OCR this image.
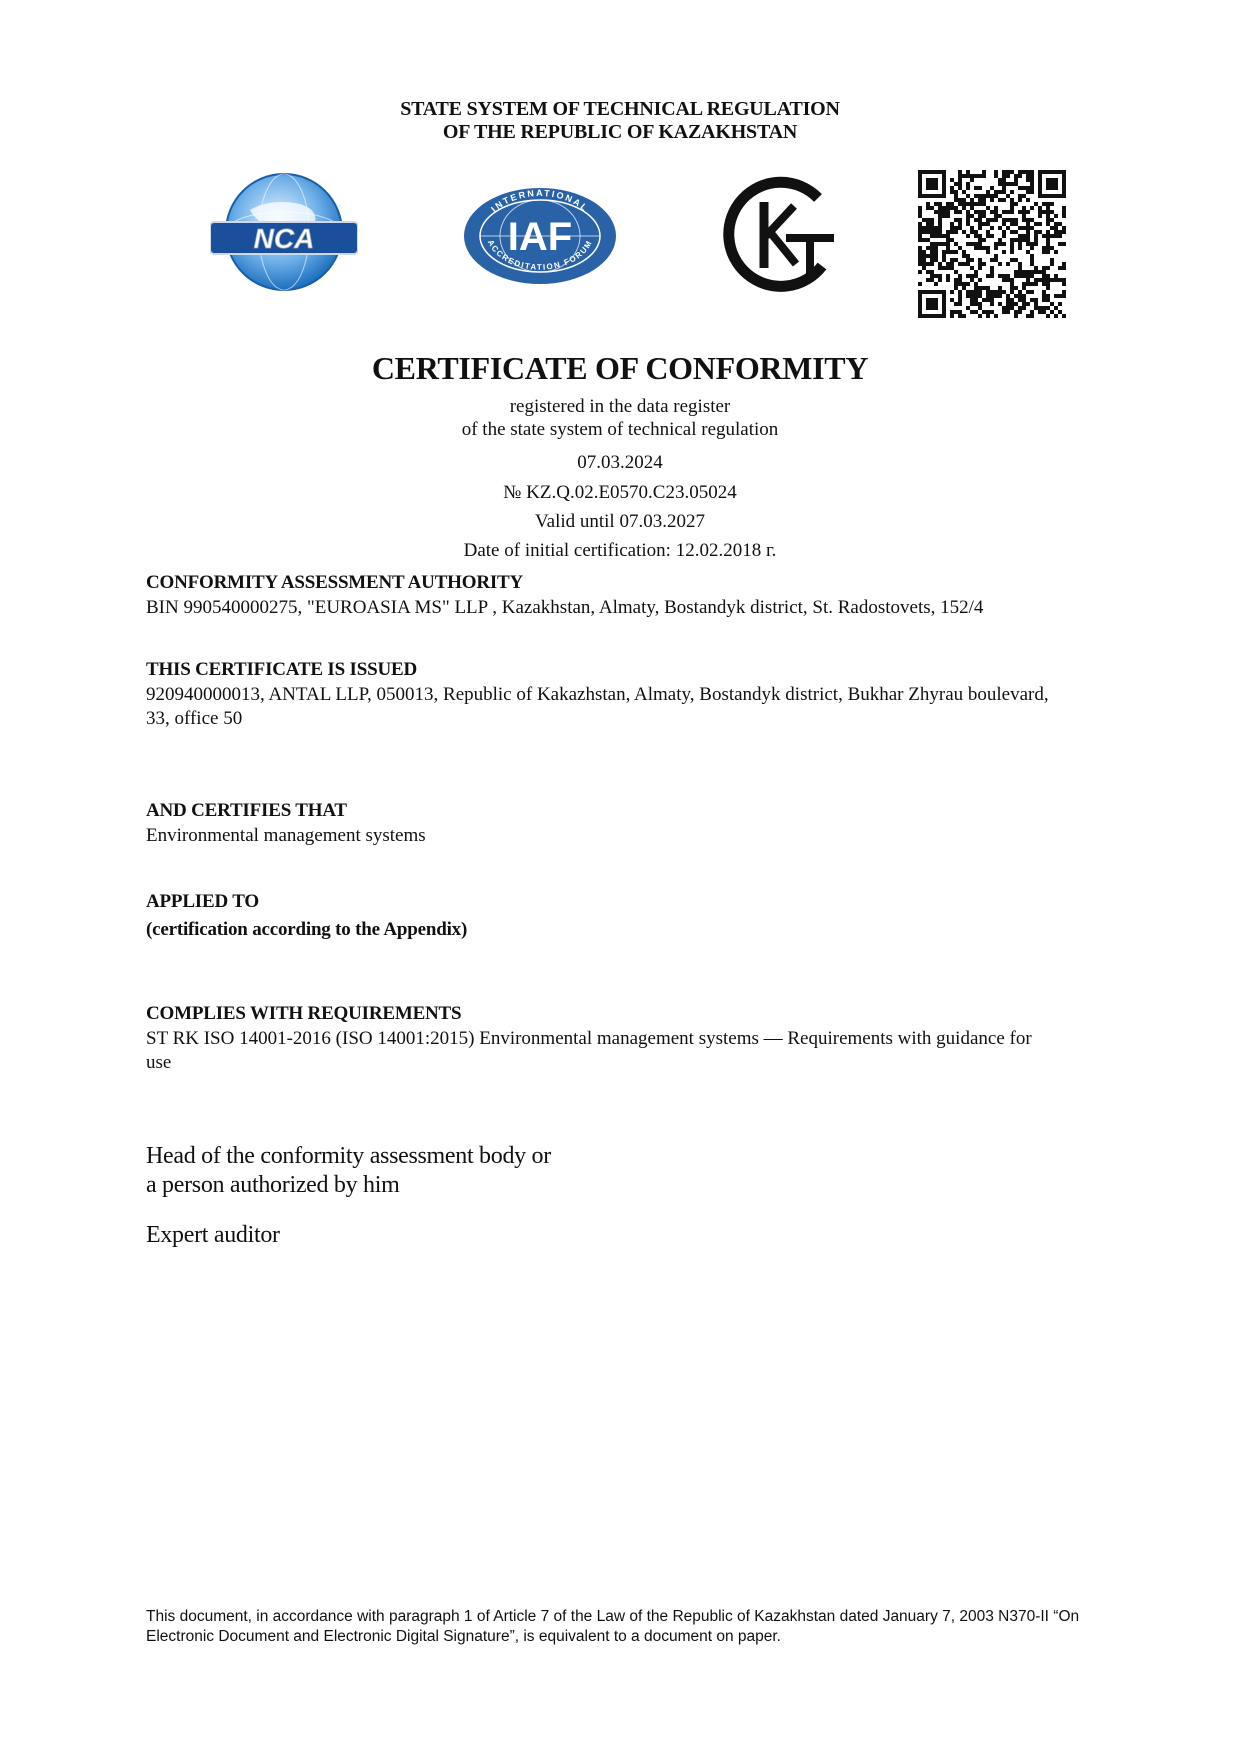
STATE SYSTEM OF TECHNICAL REGULATION
OF THE REPUBLIC OF KAZAKHSTAN
NCA
INTERNATIONAL
ACCREDITATION FORUM
IAF
CERTIFICATE OF CONFORMITY
registered in the data register
of the state system of technical regulation
07.03.2024
№ KZ.Q.02.E0570.C23.05024
Valid until 07.03.2027
Date of initial certification: 12.02.2018 г.
CONFORMITY ASSESSMENT AUTHORITY
BIN 990540000275, "EUROASIA MS" LLP , Kazakhstan, Almaty, Bostandyk district, St. Radostovets, 152/4
THIS CERTIFICATE IS ISSUED
920940000013, ANTAL LLP, 050013, Republic of Kakazhstan, Almaty, Bostandyk district, Bukhar Zhyrau boulevard,
33, office 50
AND CERTIFIES THAT
Environmental management systems
APPLIED TO
(certification according to the Appendix)
COMPLIES WITH REQUIREMENTS
ST RK ISO 14001-2016 (ISO 14001:2015) Environmental management systems — Requirements with guidance for
use
Head of the conformity assessment body or
a person authorized by him
Expert auditor
This document, in accordance with paragraph 1 of Article 7 of the Law of the Republic of Kazakhstan dated January 7, 2003 N370-II “On
Electronic Document and Electronic Digital Signature”, is equivalent to a document on paper.
